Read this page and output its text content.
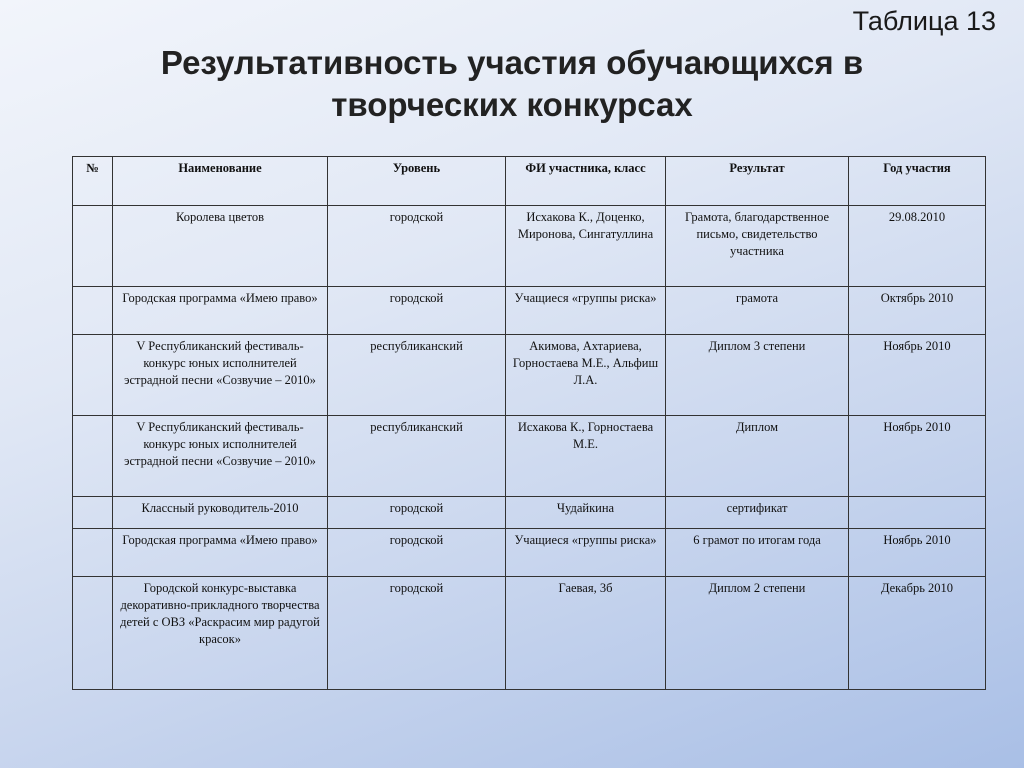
Таблица 13
Результативность участия обучающихся в
творческих конкурсах
№	Наименование	Уровень	ФИ участника, класс	Результат	Год участия
	Королева цветов	городской	Исхакова К., Доценко, Миронова, Сингатуллина	Грамота, благодарственное письмо, свидетельство участника	29.08.2010
	Городская программа «Имею право»	городской	Учащиеся «группы риска»	грамота	Октябрь 2010
	V Республиканский фестиваль-конкурс юных исполнителей эстрадной песни «Созвучие – 2010»	республиканский	Акимова, Ахтариева, Горностаева М.Е., Альфиш Л.А.	Диплом 3 степени	Ноябрь 2010
	V Республиканский фестиваль-конкурс юных исполнителей эстрадной песни «Созвучие – 2010»	республиканский	Исхакова К., Горностаева М.Е.	Диплом	Ноябрь 2010
	Классный руководитель-2010	городской	Чудайкина	сертификат	
	Городская программа «Имею право»	городской	Учащиеся «группы риска»	6 грамот по итогам года	Ноябрь 2010
	Городской конкурс-выставка декоративно-прикладного творчества детей с ОВЗ «Раскрасим мир радугой красок»	городской	Гаевая, 3б	Диплом 2 степени	Декабрь 2010
